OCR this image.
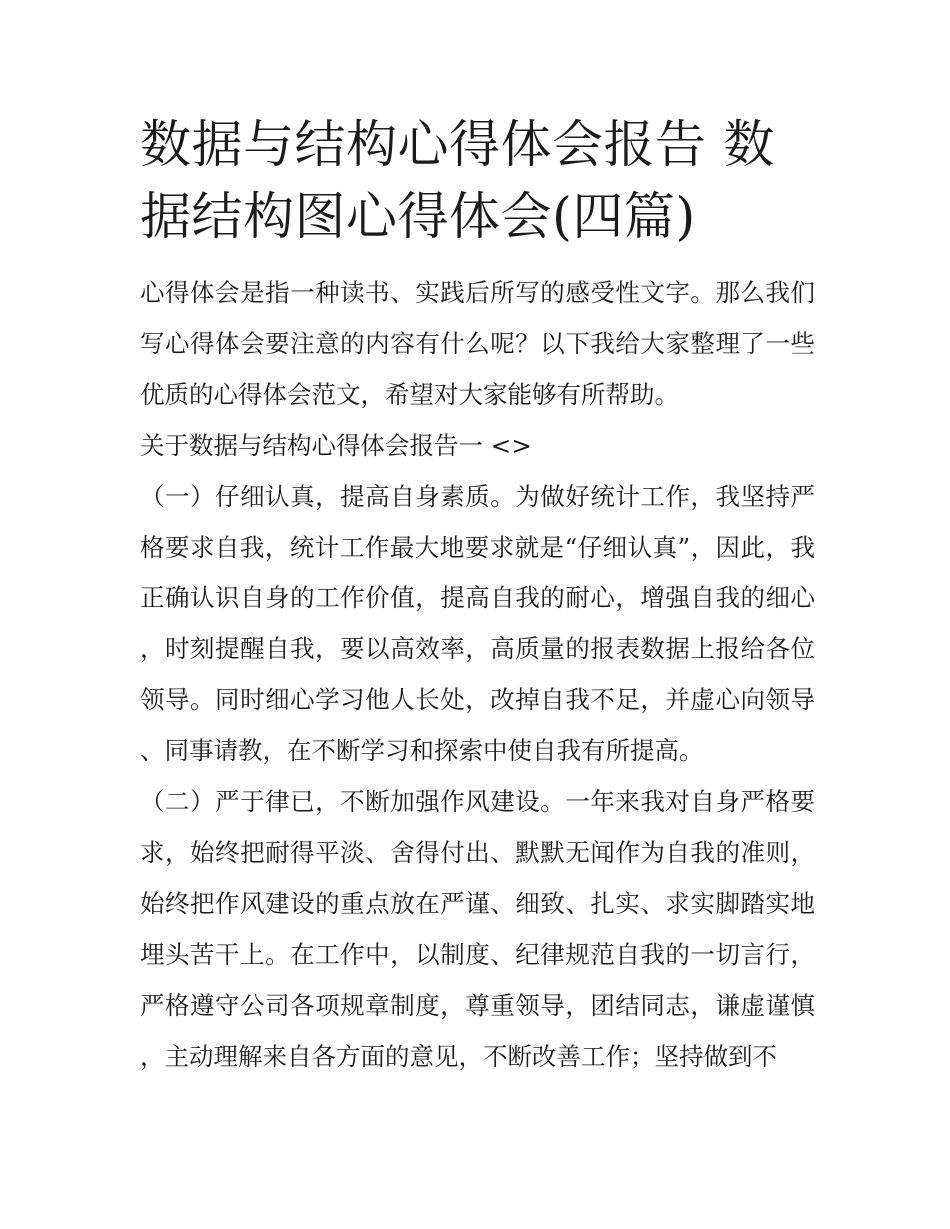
数据与结构心得体会报告 数据结构图心得体会(四篇)

心得体会是指一种读书、实践后所写的感受性文字。那么我们写心得体会要注意的内容有什么呢？以下我给大家整理了一些优质的心得体会范文，希望对大家能够有所帮助。

关于数据与结构心得体会报告一 <>

（一）仔细认真，提高自身素质。为做好统计工作，我坚持严格要求自我，统计工作最大地要求就是“仔细认真”，因此，我正确认识自身的工作价值，提高自我的耐心，增强自我的细心，时刻提醒自我，要以高效率，高质量的报表数据上报给各位领导。同时细心学习他人长处，改掉自我不足，并虚心向领导、同事请教，在不断学习和探索中使自我有所提高。

（二）严于律已，不断加强作风建设。一年来我对自身严格要求，始终把耐得平淡、舍得付出、默默无闻作为自我的准则，始终把作风建设的重点放在严谨、细致、扎实、求实脚踏实地埋头苦干上。在工作中，以制度、纪律规范自我的一切言行，严格遵守公司各项规章制度，尊重领导，团结同志，谦虚谨慎，主动理解来自各方面的意见，不断改善工作；坚持做到不
